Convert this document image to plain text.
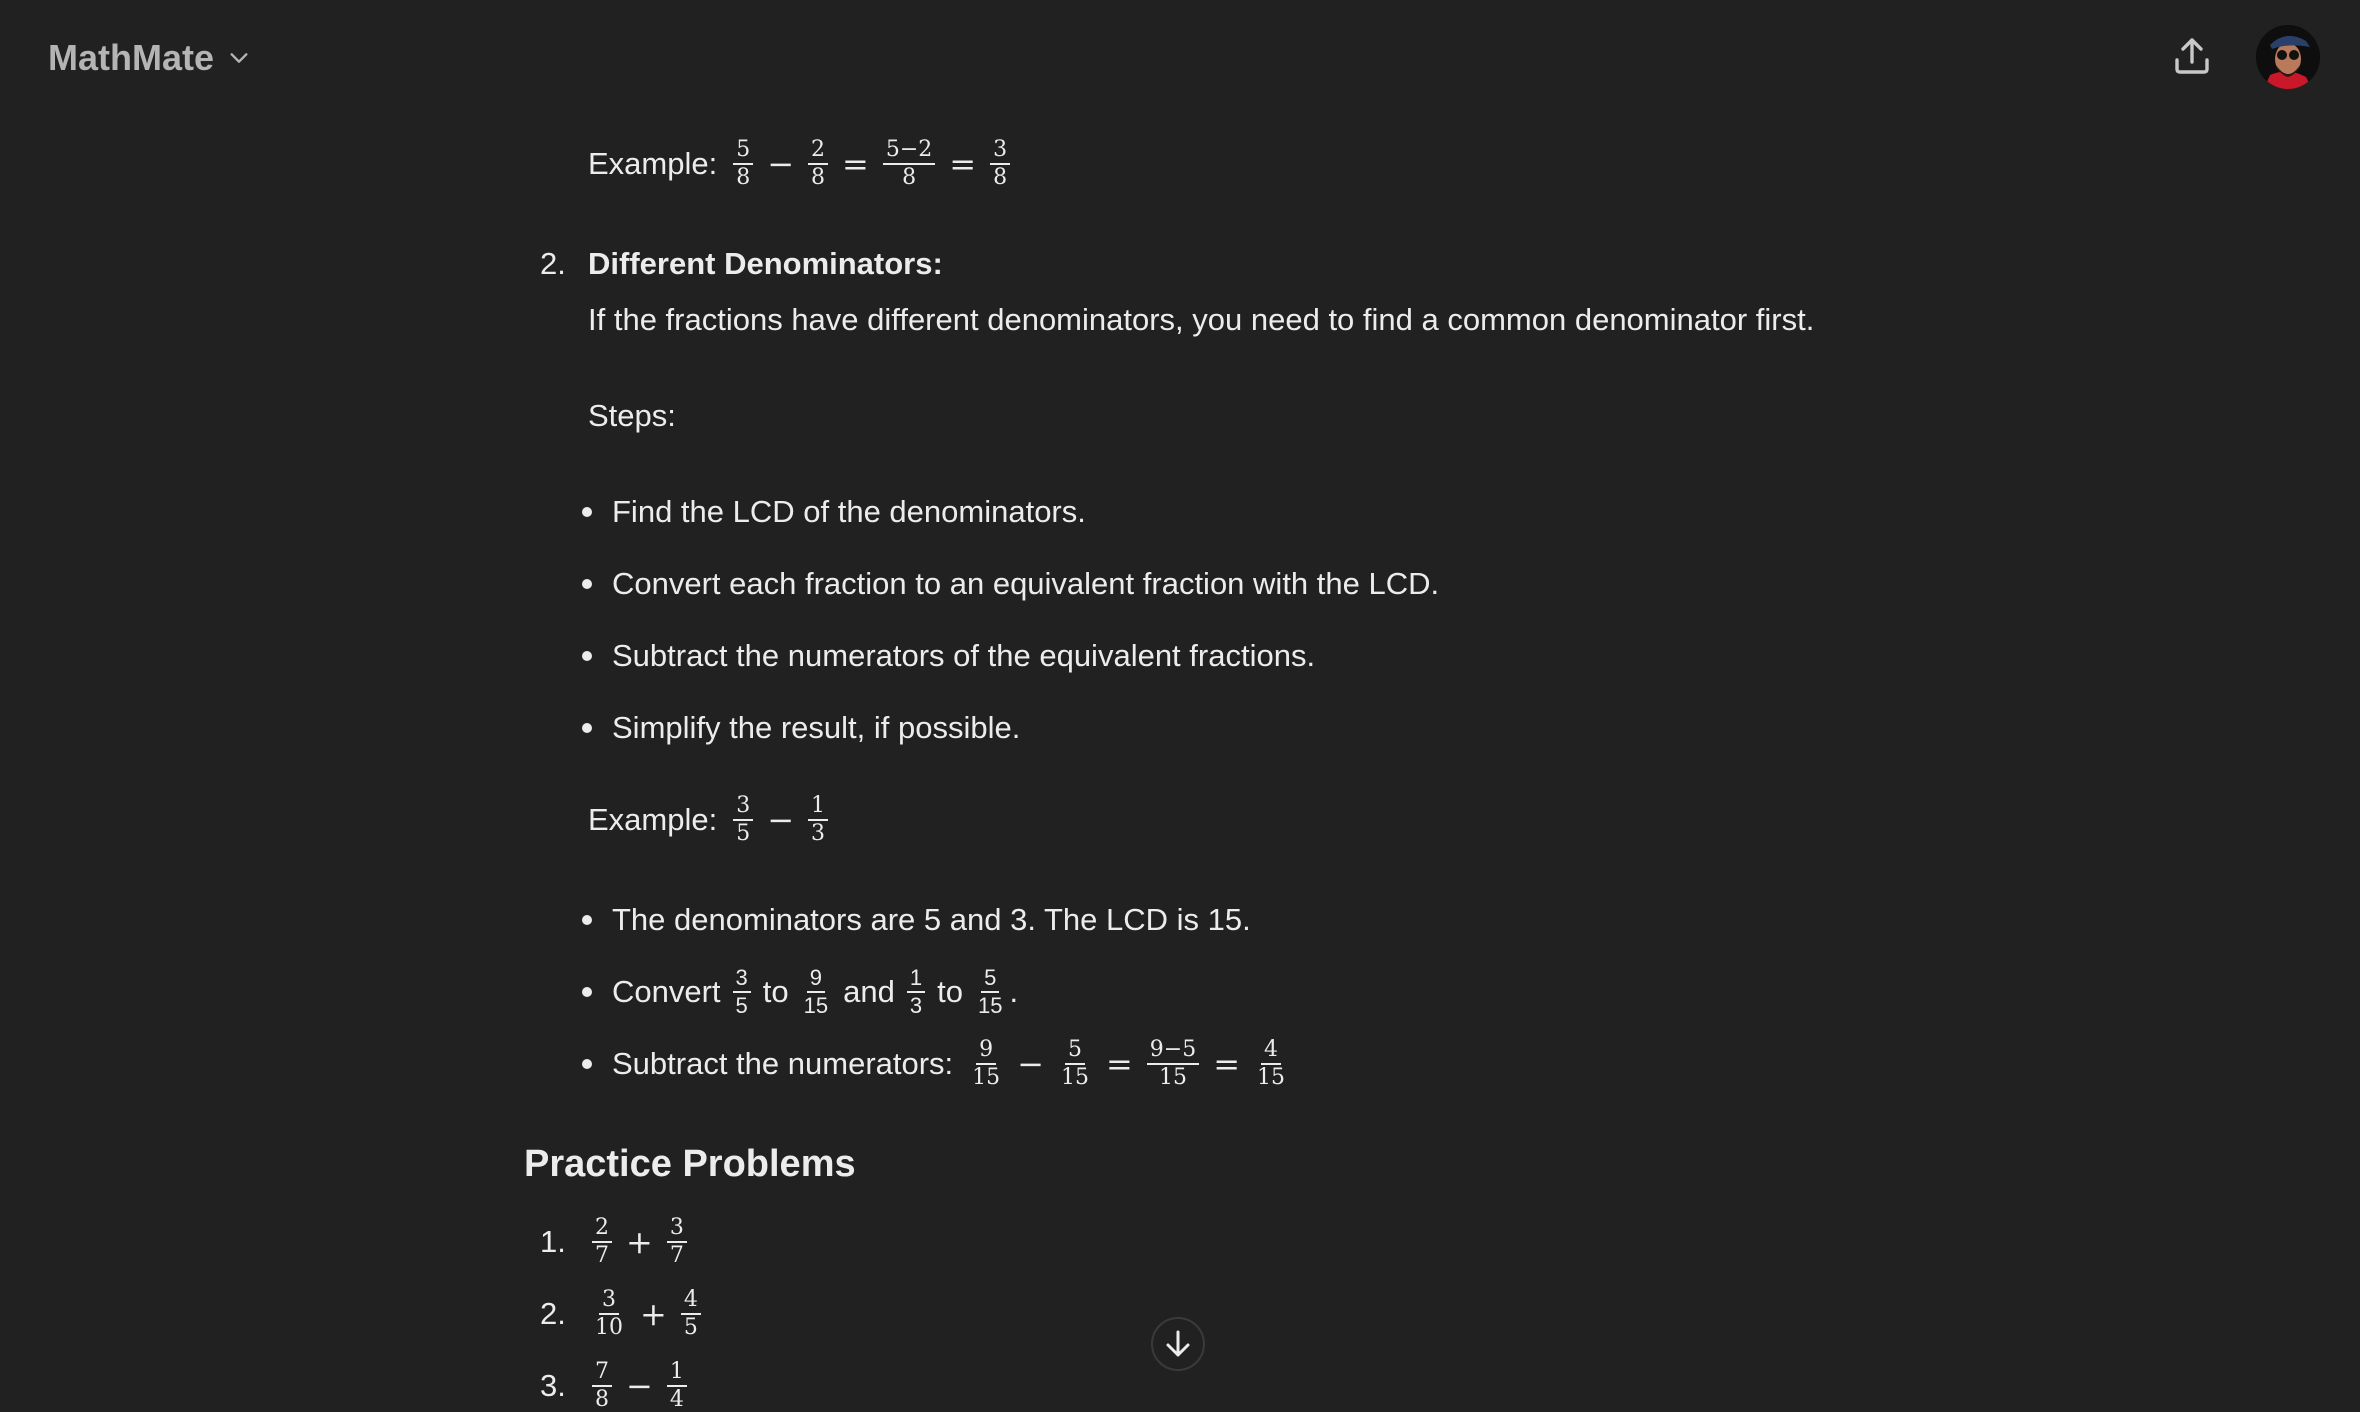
MathMate
Example: $\frac{5}{8} - \frac{2}{8} = \frac{5-2}{8} = \frac{3}{8}$
2. Different Denominators:
If the fractions have different denominators, you need to find a common denominator first.
Steps:
Find the LCD of the denominators.
Convert each fraction to an equivalent fraction with the LCD.
Subtract the numerators of the equivalent fractions.
Simplify the result, if possible.
Example: $\frac{3}{5} - \frac{1}{3}$
The denominators are 5 and 3. The LCD is 15.
Convert $\frac{3}{5}$ to $\frac{9}{15}$ and $\frac{1}{3}$ to $\frac{5}{15}$ .
Subtract the numerators: $\frac{9}{15} - \frac{5}{15} = \frac{9-5}{15} = \frac{4}{15}$
Practice Problems
1.	$\frac{2}{7} + \frac{3}{7}$
2.	$\frac{3}{10} + \frac{4}{5}$
3.	$\frac{7}{8} - \frac{1}{4}$
